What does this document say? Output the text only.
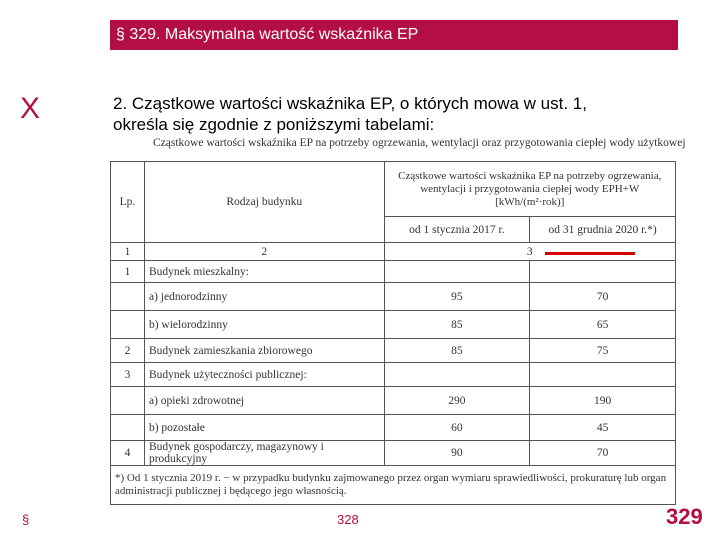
§ 329. Maksymalna wartość wskaźnika EP
X	2. Cząstkowe wartości wskaźnika EP, o których mowa w ust. 1,
określa się zgodnie z poniższymi tabelami:
Cząstkowe wartości wskaźnika EP na potrzeby ogrzewania, wentylacji oraz przygotowania ciepłej wody użytkowej
Lp.	Rodzaj budynku	Cząstkowe wartości wskaźnika EP na potrzeby ogrzewania, wentylacji i przygotowania ciepłej wody EPH+W [kWh/(m²·rok)]	
		od 1 stycznia 2017 r.	od 31 grudnia 2020 r.*)
1	2	3	
1	Budynek mieszkalny:		
	a) jednorodzinny	95	70
	b) wielorodzinny	85	65
2	Budynek zamieszkania zbiorowego	85	75
3	Budynek użyteczności publicznej:		
	a) opieki zdrowotnej	290	190
	b) pozostałe	60	45
4	Budynek gospodarczy, magazynowy i produkcyjny	90	70
*) Od 1 stycznia 2019 r. − w przypadku budynku zajmowanego przez organ wymiaru sprawiedliwości, prokuraturę lub organ administracji publicznej i będącego jego własnością.			
§	328	329
